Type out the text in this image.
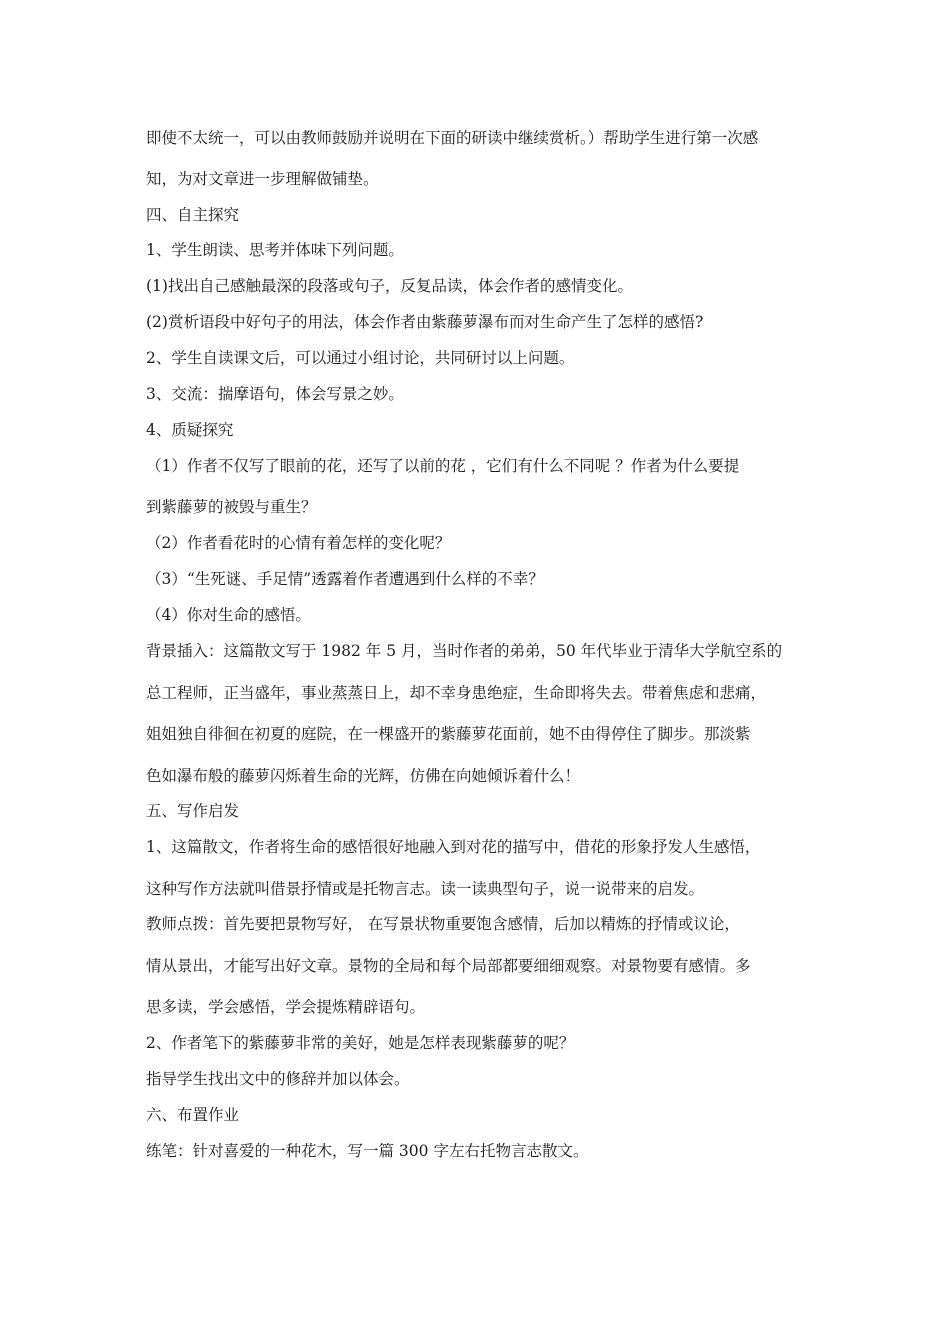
即使不太统一，可以由教师鼓励并说明在下面的研读中继续赏析。）帮助学生进行第一次感
知，为对文章进一步理解做铺垫。
四、自主探究
1、学生朗读、思考并体味下列问题。
(1)找出自己感触最深的段落或句子，反复品读，体会作者的感情变化。
(2)赏析语段中好句子的用法，体会作者由紫藤萝瀑布而对生命产生了怎样的感悟?
2、学生自读课文后，可以通过小组讨论，共同研讨以上问题。
3、交流：揣摩语句，体会写景之妙。
4、质疑探究
（1）作者不仅写了眼前的花，还写了以前的花 ，它们有什么不同呢 ？作者为什么要提
到紫藤萝的被毁与重生？
（2）作者看花时的心情有着怎样的变化呢？
（3）“生死谜、手足情”透露着作者遭遇到什么样的不幸？
（4）你对生命的感悟。
背景插入：这篇散文写于 1982 年 5 月，当时作者的弟弟，50 年代毕业于清华大学航空系的
总工程师，正当盛年，事业蒸蒸日上，却不幸身患绝症，生命即将失去。带着焦虑和悲痛，
姐姐独自徘徊在初夏的庭院，在一棵盛开的紫藤萝花面前，她不由得停住了脚步。那淡紫
色如瀑布般的藤萝闪烁着生命的光辉，仿佛在向她倾诉着什么！
五、写作启发
1、这篇散文，作者将生命的感悟很好地融入到对花的描写中，借花的形象抒发人生感悟，
这种写作方法就叫借景抒情或是托物言志。读一读典型句子，说一说带来的启发。
教师点拨：首先要把景物写好， 在写景状物重要饱含感情，后加以精炼的抒情或议论，
情从景出，才能写出好文章。景物的全局和每个局部都要细细观察。对景物要有感情。多
思多读，学会感悟，学会提炼精辟语句。
2、作者笔下的紫藤萝非常的美好，她是怎样表现紫藤萝的呢？
指导学生找出文中的修辞并加以体会。
六、布置作业
练笔：针对喜爱的一种花木，写一篇 300 字左右托物言志散文。
